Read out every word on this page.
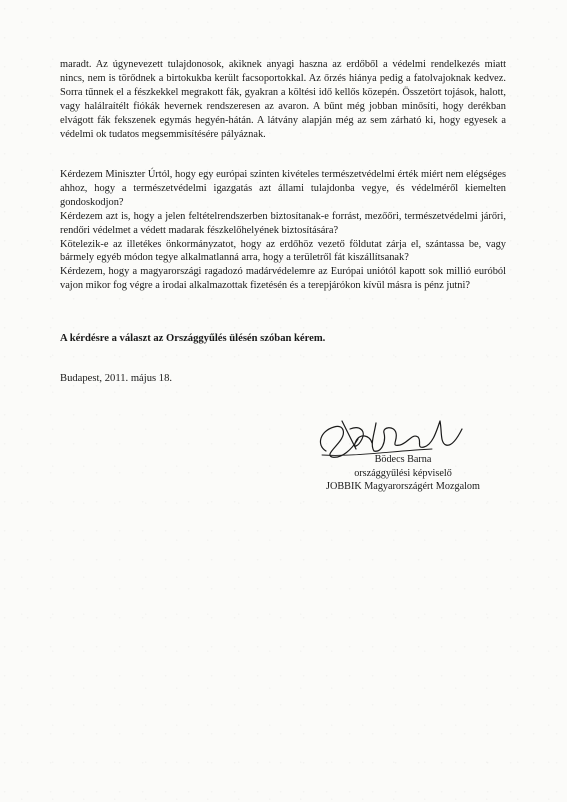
maradt. Az úgynevezett tulajdonosok, akiknek anyagi haszna az erdőből a védelmi rendelkezés miatt nincs, nem is törődnek a birtokukba került facsoportokkal. Az őrzés hiánya pedig a fatolvajoknak kedvez. Sorra tűnnek el a fészkekkel megrakott fák, gyakran a költési idő kellős közepén. Összetört tojások, halott, vagy halálraítélt fiókák hevernek rendszeresen az avaron. A bűnt még jobban minősíti, hogy derékban elvágott fák fekszenek egymás hegyén-hátán. A látvány alapján még az sem zárható ki, hogy egyesek a védelmi ok tudatos megsemmisítésére pályáznak.

Kérdezem Miniszter Úrtól, hogy egy európai szinten kivételes természetvédelmi érték miért nem elégséges ahhoz, hogy a természetvédelmi igazgatás azt állami tulajdonba vegye, és védelméről kiemelten gondoskodjon?

Kérdezem azt is, hogy a jelen feltételrendszerben biztosítanak-e forrást, mezőőri, természetvédelmi járőri, rendőri védelmet a védett madarak fészkelőhelyének biztosítására?

Kötelezik-e az illetékes önkormányzatot, hogy az erdőhöz vezető földutat zárja el, szántassa be, vagy bármely egyéb módon tegye alkalmatlanná arra, hogy a területről fát kiszállítsanak?

Kérdezem, hogy a magyarországi ragadozó madárvédelemre az Európai uniótól kapott sok millió euróból vajon mikor fog végre a irodai alkalmazottak fizetésén és a terepjárókon kívül másra is pénz jutni?

A kérdésre a választ az Országgyűlés ülésén szóban kérem.
Budapest, 2011. május 18.
Bödecs Barna
országgyűlési képviselő
JOBBIK Magyarországért Mozgalom
